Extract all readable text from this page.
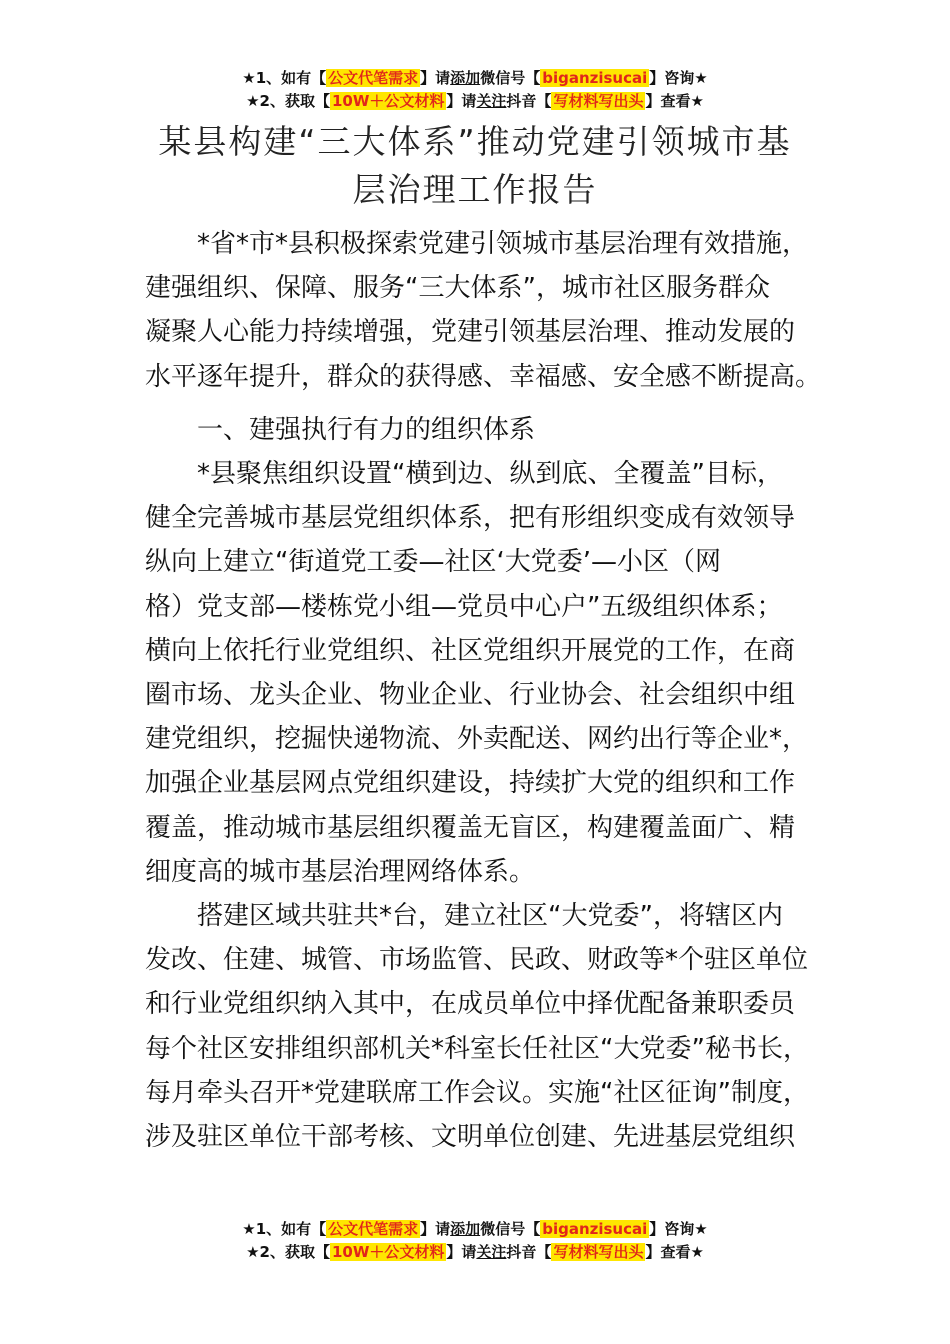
★1、如有【 公文代笔需求 】请添加微信号【 biganzisucai 】咨询★
★2、获取【 10W＋公文材料 】请关注抖音【 写材料写出头 】查看★
某县构建“三大体系”推动党建引领城市基
层治理工作报告

*省*市*县积极探索党建引领城市基层治理有效措施，

建强组织、保障、服务“三大体系”，城市社区服务群众

凝聚人心能力持续增强，党建引领基层治理、推动发展的

水平逐年提升，群众的获得感、幸福感、安全感不断提高。

一、建强执行有力的组织体系

*县聚焦组织设置“横到边、纵到底、全覆盖”目标，

健全完善城市基层党组织体系，把有形组织变成有效领导

纵向上建立“街道党工委—社区‘大党委’—小区（网

格）党支部—楼栋党小组—党员中心户”五级组织体系；

横向上依托行业党组织、社区党组织开展党的工作，在商

圈市场、龙头企业、物业企业、行业协会、社会组织中组

建党组织，挖掘快递物流、外卖配送、网约出行等企业*，

加强企业基层网点党组织建设，持续扩大党的组织和工作

覆盖，推动城市基层组织覆盖无盲区，构建覆盖面广、精

细度高的城市基层治理网络体系。

搭建区域共驻共*台，建立社区“大党委”，将辖区内

发改、住建、城管、市场监管、民政、财政等*个驻区单位

和行业党组织纳入其中，在成员单位中择优配备兼职委员

每个社区安排组织部机关*科室长任社区“大党委”秘书长，

每月牵头召开*党建联席工作会议。实施“社区征询”制度，

涉及驻区单位干部考核、文明单位创建、先进基层党组织

★1、如有【 公文代笔需求 】请添加微信号【 biganzisucai 】咨询★
★2、获取【 10W＋公文材料 】请关注抖音【 写材料写出头 】查看★
